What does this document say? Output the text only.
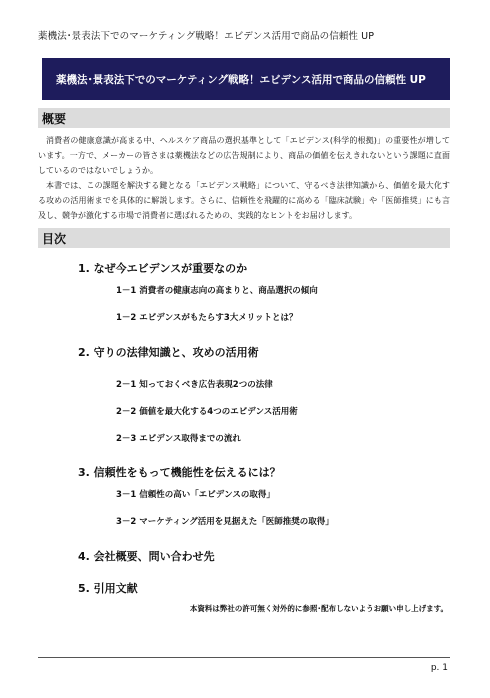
薬機法･景表法下でのマーケティング戦略！エビデンス活用で商品の信頼性 UP
薬機法･景表法下でのマーケティング戦略！エビデンス活用で商品の信頼性 UP
概要

消費者の健康意識が高まる中、ヘルスケア商品の選択基準として「エビデンス(科学的根拠)」の重要性が増しています。一方で、メーカーの皆さまは薬機法などの広告規制により、商品の価値を伝えきれないという課題に直面しているのではないでしょうか。

本書では、この課題を解決する鍵となる「エビデンス戦略」について、守るべき法律知識から、価値を最大化する攻めの活用術までを具体的に解説します。さらに、信頼性を飛躍的に高める「臨床試験」や「医師推奨」にも言及し、競争が激化する市場で消費者に選ばれるための、実践的なヒントをお届けします。

目次
1. なぜ今エビデンスが重要なのか
1－1 消費者の健康志向の高まりと、商品選択の傾向
1－2 エビデンスがもたらす3大メリットとは？
2. 守りの法律知識と、攻めの活用術
2－1 知っておくべき広告表現2つの法律
2－2 価値を最大化する4つのエビデンス活用術
2－3 エビデンス取得までの流れ
3. 信頼性をもって機能性を伝えるには？
3－1 信頼性の高い「エビデンスの取得」
3－2 マーケティング活用を見据えた「医師推奨の取得」
4. 会社概要、問い合わせ先
5. 引用文献
本資料は弊社の許可無く対外的に参照･配布しないようお願い申し上げます。
p. 1
